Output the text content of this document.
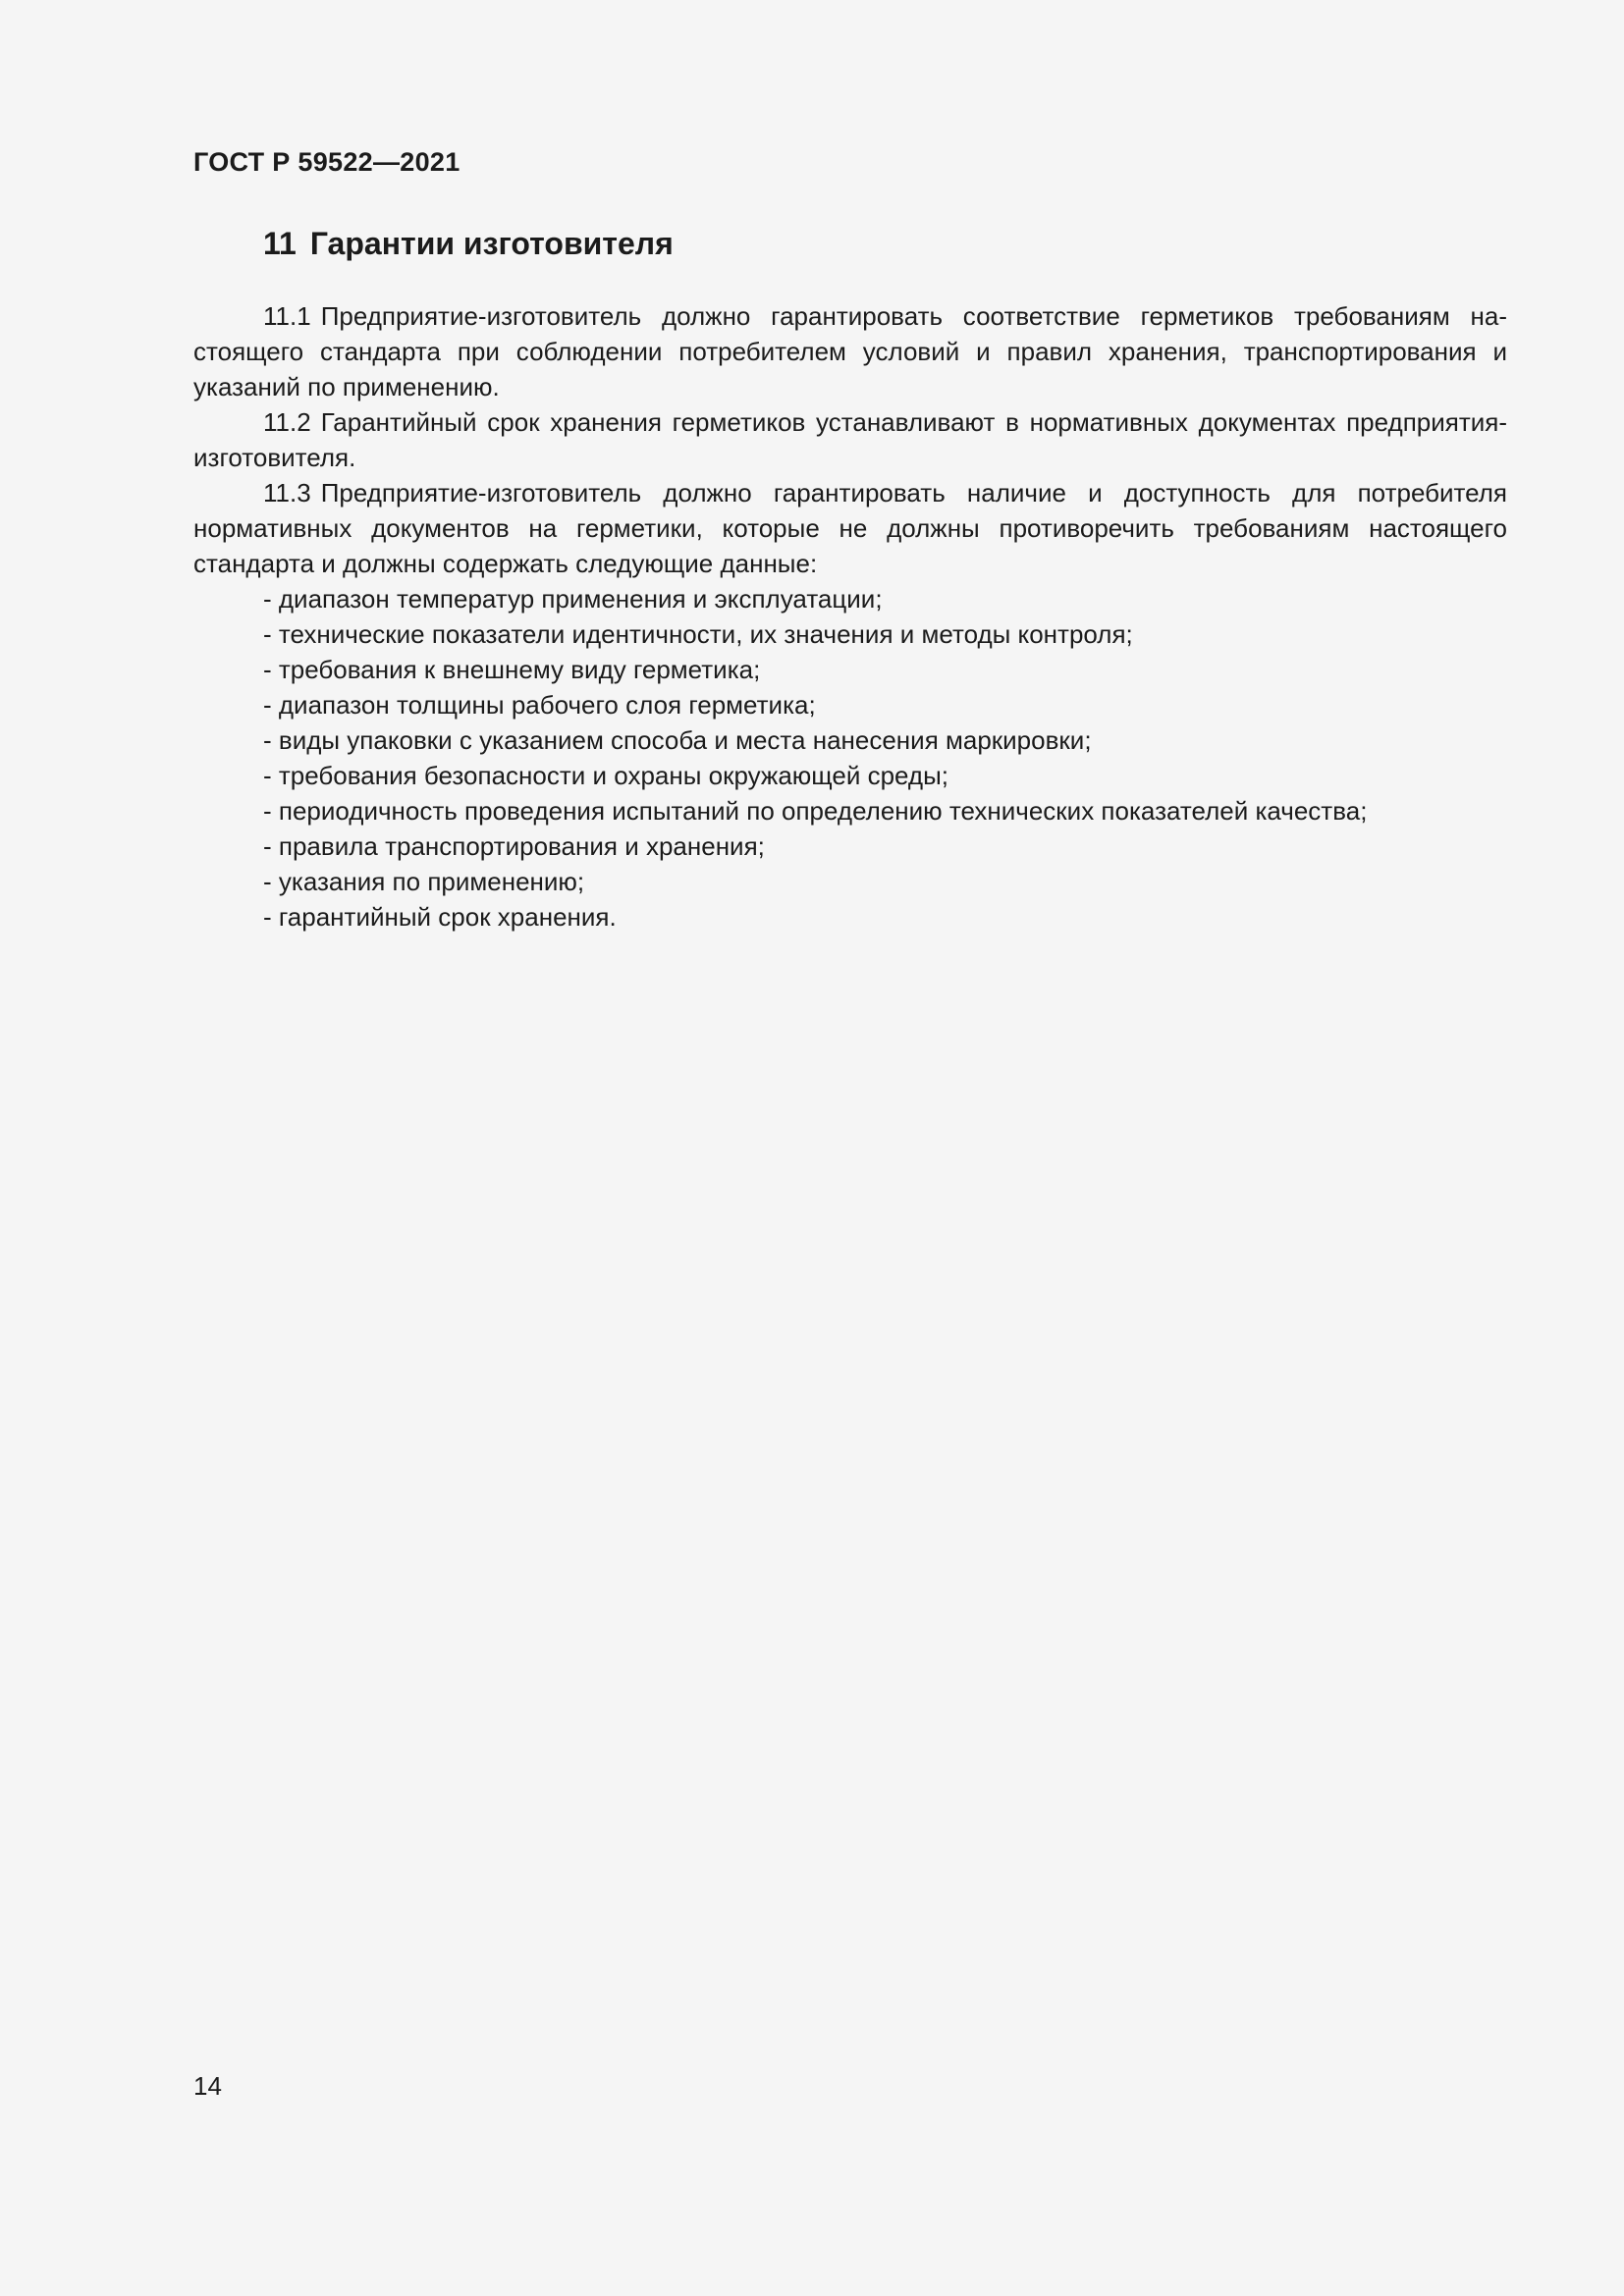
ГОСТ Р 59522—2021
11 Гарантии изготовителя

11.1 Предприятие-изготовитель должно гарантировать соответствие герметиков требованиям настоящего стандарта при соблюдении потребителем условий и правил хранения, транспортирования и указаний по применению.

11.2 Гарантийный срок хранения герметиков устанавливают в нормативных документах предприятия-изготовителя.

11.3 Предприятие-изготовитель должно гарантировать наличие и доступность для потребителя нормативных документов на герметики, которые не должны противоречить требованиям настоящего стандарта и должны содержать следующие данные:

- диапазон температур применения и эксплуатации;
- технические показатели идентичности, их значения и методы контроля;
- требования к внешнему виду герметика;
- диапазон толщины рабочего слоя герметика;
- виды упаковки с указанием способа и места нанесения маркировки;
- требования безопасности и охраны окружающей среды;
- периодичность проведения испытаний по определению технических показателей качества;
- правила транспортирования и хранения;
- указания по применению;
- гарантийный срок хранения.
14
